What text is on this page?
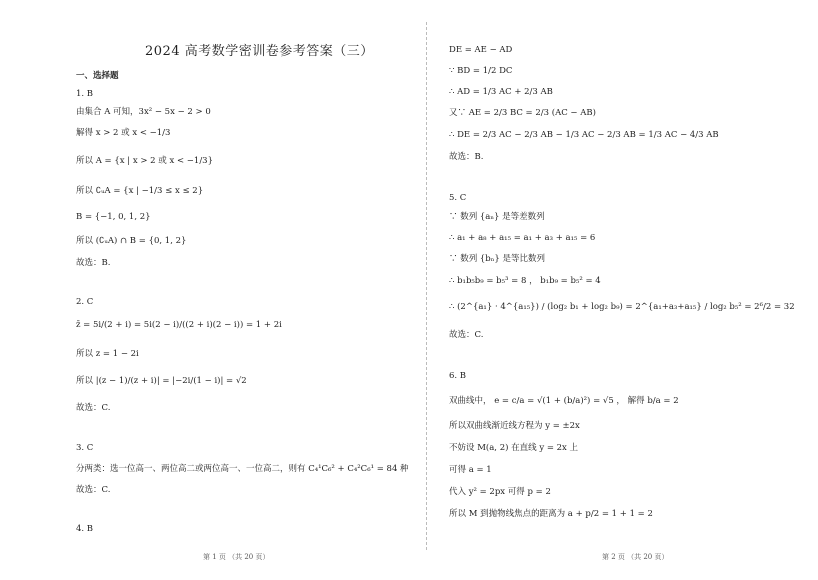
2024 高考数学密训卷参考答案（三）
一、选择题
1. B
由集合 A 可知，3x² − 5x − 2 > 0
解得 x > 2 或 x < −1/3
所以 A = {x | x > 2 或 x < −1/3}
所以 ∁ᵤA = {x | −1/3 ≤ x ≤ 2}
B = {−1, 0, 1, 2}
所以 (∁ᵤA) ∩ B = {0, 1, 2}
故选：B.
2. C
z̄ = 5i/(2 + i) = 5i(2 − i)/((2 + i)(2 − i)) = 1 + 2i
所以 z = 1 − 2i
所以 |(z − 1)/(z + i)| = |−2i/(1 − i)| = √2
故选：C.
3. C
分两类：选一位高一、两位高二或两位高一、一位高二，则有 C₄¹C₆² + C₄²C₆¹ = 84 种
故选：C.
4. B
第 1 页 （共 20 页）
DE = AE − AD
∵ BD = 1/2 DC
∴ AD = 1/3 AC + 2/3 AB
又∵ AE = 2/3 BC = 2/3 (AC − AB)
∴ DE = 2/3 AC − 2/3 AB − 1/3 AC − 2/3 AB = 1/3 AC − 4/3 AB
故选：B.
5. C
∵ 数列 {aₙ} 是等差数列
∴ a₁ + a₈ + a₁₅ = a₁ + a₃ + a₁₅ = 6
∵ 数列 {bₙ} 是等比数列
∴ b₁b₅b₉ = b₅³ = 8 ， b₁b₉ = b₅² = 4
∴ (2^{a₁} · 4^{a₁₅}) / (log₂ b₁ + log₂ b₉) = 2^{a₁+a₃+a₁₅} / log₂ b₅² = 2⁶/2 = 32
故选：C.
6. B
双曲线中， e = c/a = √(1 + (b/a)²) = √5 ， 解得 b/a = 2
所以双曲线渐近线方程为 y = ±2x
不妨设 M(a, 2) 在直线 y = 2x 上
可得 a = 1
代入 y² = 2px 可得 p = 2
所以 M 到抛物线焦点的距离为 a + p/2 = 1 + 1 = 2
第 2 页 （共 20 页）
